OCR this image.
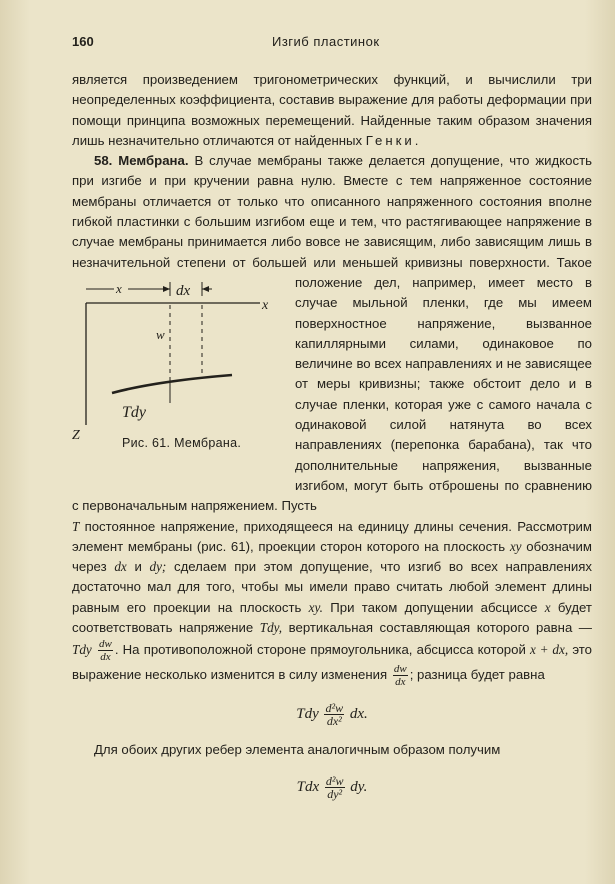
160	Изгиб пластинок

является произведением тригонометрических функций, и вычислили три неопределенных коэффициента, составив выражение для работы деформации при помощи принципа возможных перемещений. Найденные таким образом значения лишь незначительно отличаются от найденных Генки.

58. Мембрана. В случае мембраны также делается допущение, что жидкость при изгибе и при кручении равна нулю. Вместе с тем напряженное состояние мембраны отличается от только что описанного напряженного состояния вполне гибкой пластинки с большим изгибом еще и тем, что растягивающее напряжение в случае мембраны принимается либо вовсе не зависящим, либо зависящим лишь в незначительной степени от большей или меньшей кривизны поверхности. Такое положение
x	dx
x
Z
w
Tdy
Рис. 61. Мембрана.
дел, например, имеет место в случае мыльной пленки, где мы имеем поверхностное напряжение, вызванное капиллярными силами, одинаковое по величине во всех направлениях и не зависящее от меры кривизны; также обстоит дело и в случае пленки, которая уже с самого начала с одинаковой силой натянута во всех направлениях (перепонка барабана), так что дополнительные напряжения, вызванные изгибом, могут быть отброшены по сравнению с первоначальным напряжением. Пусть

T постоянное напряжение, приходящееся на единицу длины сечения. Рассмотрим элемент мембраны (рис. 61), проекции сторон которого на плоскость xy обозначим через dx и dy; сделаем при этом допущение, что изгиб во всех направлениях достаточно мал для того, чтобы мы имели право считать любой элемент длины равным его проекции на плоскость xy. При таком допущении абсциссе x будет соответствовать напряжение Tdy, вертикальная составляющая которого равна — Tdy $\frac{dw}{dx}$ . На противоположной стороне прямоугольника, абсцисса которой x + dx, это выражение несколько изменится в силу изменения $\frac{dw}{dx}$ ; разница будет равна

Tdy $\frac{\text{d²w}}{\text{dx²}}$ dx.

Для обоих других ребер элемента аналогичным образом получим

Tdx $\frac{\text{d²w}}{\text{dy²}}$ dy.
